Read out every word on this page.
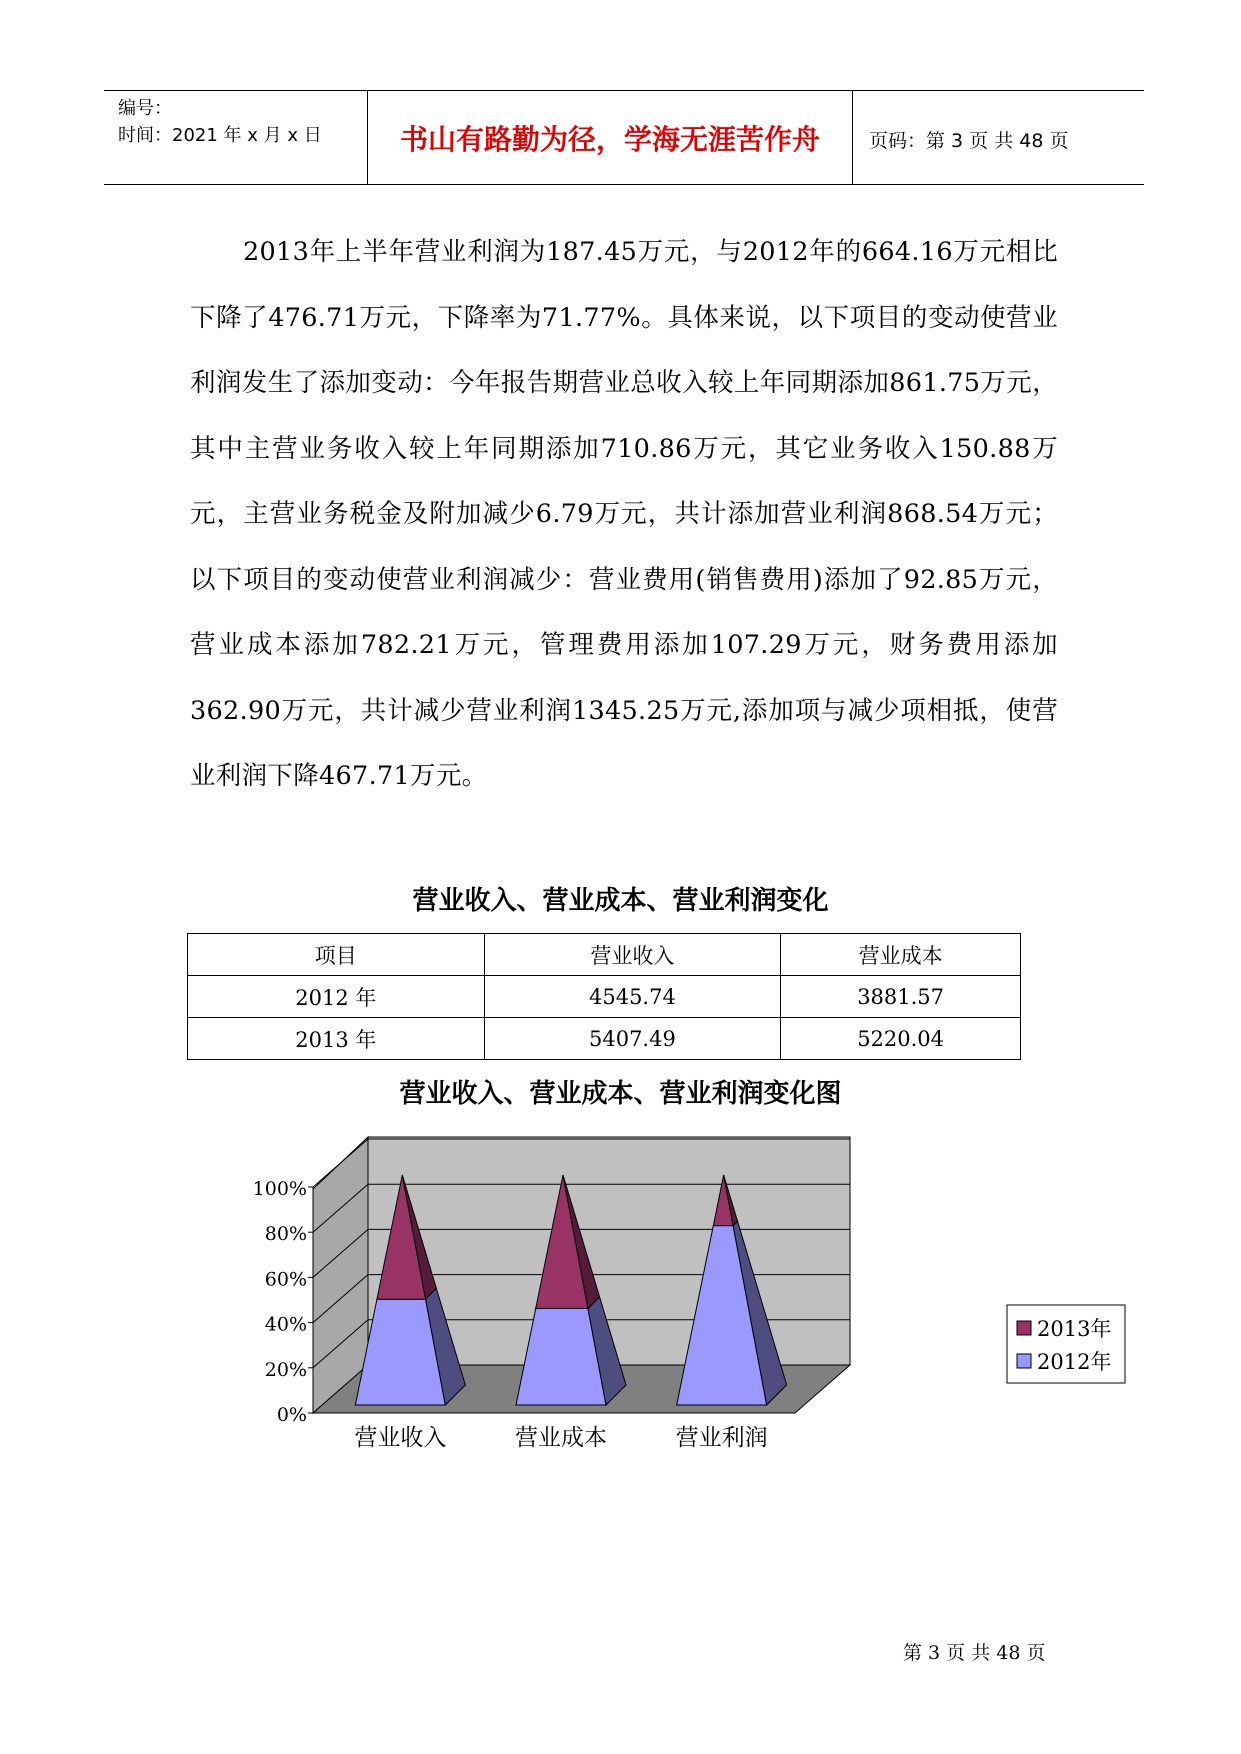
编号：
时间：2021 年 x 月 x 日	书山有路勤为径，学海无涯苦作舟	页码：第 3 页 共 48 页
2013年上半年营业利润为187.45万元，与2012年的664.16万元相比下降了476.71万元，下降率为71.77%。具体来说，以下项目的变动使营业利润发生了添加变动：今年报告期营业总收入较上年同期添加861.75万元，其中主营业务收入较上年同期添加710.86万元，其它业务收入150.88万元，主营业务税金及附加减少6.79万元，共计添加营业利润868.54万元；以下项目的变动使营业利润减少：营业费用(销售费用)添加了92.85万元，营业成本添加782.21万元，管理费用添加107.29万元，财务费用添加362.90万元，共计减少营业利润1345.25万元,添加项与减少项相抵，使营业利润下降467.71万元。
营业收入、营业成本、营业利润变化
项目	营业收入	营业成本
2012 年	4545.74	3881.57
2013 年	5407.49	5220.04
营业收入、营业成本、营业利润变化图
0%
20%
40%
60%
80%
100%
营业收入	营业成本	营业利润
2013年
2012年
第 3 页 共 48 页
